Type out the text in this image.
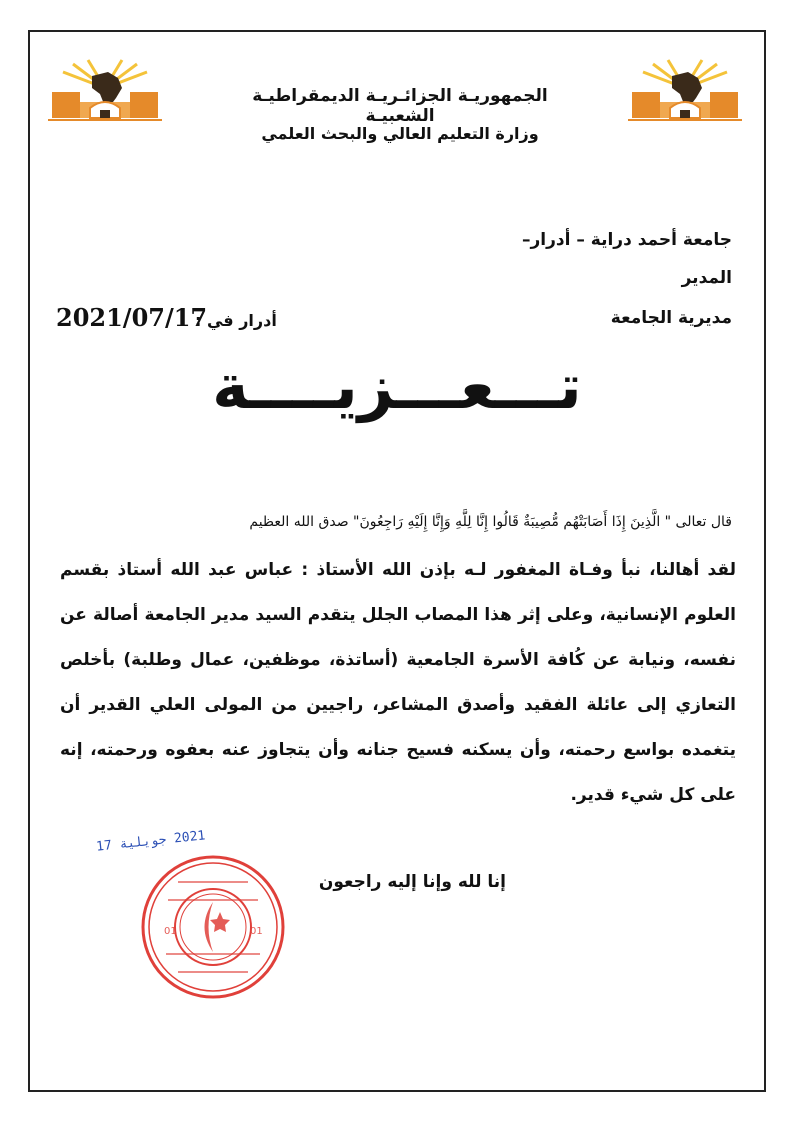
الجمهوريـة الجزائـريـة الديمقراطيـة الشعبيـة
وزارة التعليم العالي والبحث العلمي
جامعة أحمد دراية – أدرار–
المدير
مديرية الجامعة
أدرار في :
2021/07/17
تـــعـــزيــــة
قال تعالى " الَّذِينَ إِذَا أَصَابَتْهُم مُّصِيبَةٌ قَالُوا إِنَّا لِلَّهِ وَإِنَّا إِلَيْهِ رَاجِعُونَ" صدق الله العظيم
لقد أهالنا، نبأ وفـاة المغفور لـه بإذن الله الأستاذ : عباس عبد الله أستاذ بقسم العلوم الإنسانية، وعلى إثر هذا المصاب الجلل يتقدم السيد مدير الجامعة أصالة عن نفسه، ونيابة عن كُافة الأسرة الجامعية (أساتذة، موظفين، عمال وطلبة) بأخلص التعازي إلى عائلة الفقيد وأصدق المشاعر، راجيين من المولى العلي القدير أن يتغمده بواسع رحمته، وأن يسكنه فسيح جنانه وأن يتجاوز عنه بعفوه ورحمته، إنه على كل شيء قدير.
إنا لله وإنا إليه راجعون
2021 جويلية 17
01	01
